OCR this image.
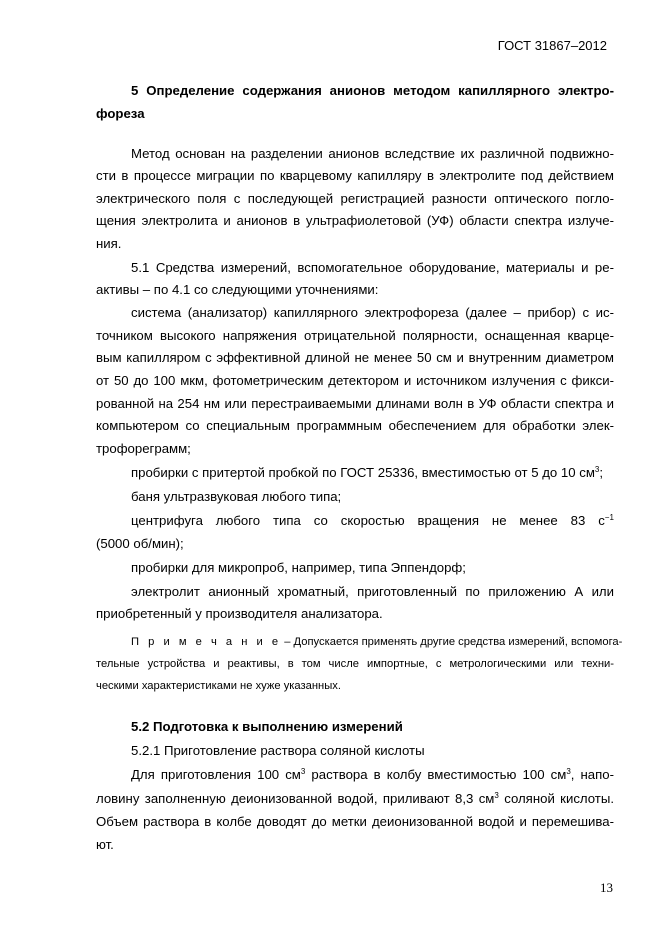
ГОСТ 31867–2012
5 Определение содержания анионов методом капиллярного электро-
фореза
Метод основан на разделении анионов вследствие их различной подвижно-
сти в процессе миграции по кварцевому капилляру в электролите под действием
электрического поля с последующей регистрацией разности оптического погло-
щения электролита и анионов в ультрафиолетовой (УФ) области спектра излуче-
ния.
5.1 Средства измерений, вспомогательное оборудование, материалы и ре-
активы – по 4.1 со следующими уточнениями:
система (анализатор) капиллярного электрофореза (далее – прибор) с ис-
точником высокого напряжения отрицательной полярности, оснащенная кварце-
вым капилляром с эффективной длиной не менее 50 см и внутренним диаметром
от 50 до 100 мкм, фотометрическим детектором и источником излучения с фикси-
рованной на 254 нм или перестраиваемыми длинами волн в УФ области спектра и
компьютером со специальным программным обеспечением для обработки элек-
трофореграмм;
пробирки с притертой пробкой по ГОСТ 25336, вместимостью от 5 до 10 $см^3$;
баня ультразвуковая любого типа;
центрифуга любого типа со скоростью вращения не менее 83 $с^{-1}$
(5000 об/мин);
пробирки для микропроб, например, типа Эппендорф;
электролит анионный хроматный, приготовленный по приложению А или
приобретенный у производителя анализатора.
П р и м е ч а н и е – Допускается применять другие средства измерений, вспомога-
тельные устройства и реактивы, в том числе импортные, с метрологическими или техни-
ческими характеристиками не хуже указанных.
5.2 Подготовка к выполнению измерений
5.2.1 Приготовление раствора соляной кислоты
Для приготовления 100 $см^3$ раствора в колбу вместимостью 100 $см^3$, напо-
ловину заполненную деионизованной водой, приливают 8,3 $см^3$ соляной кислоты.
Объем раствора в колбе доводят до метки деионизованной водой и перемешива-
ют.
13
